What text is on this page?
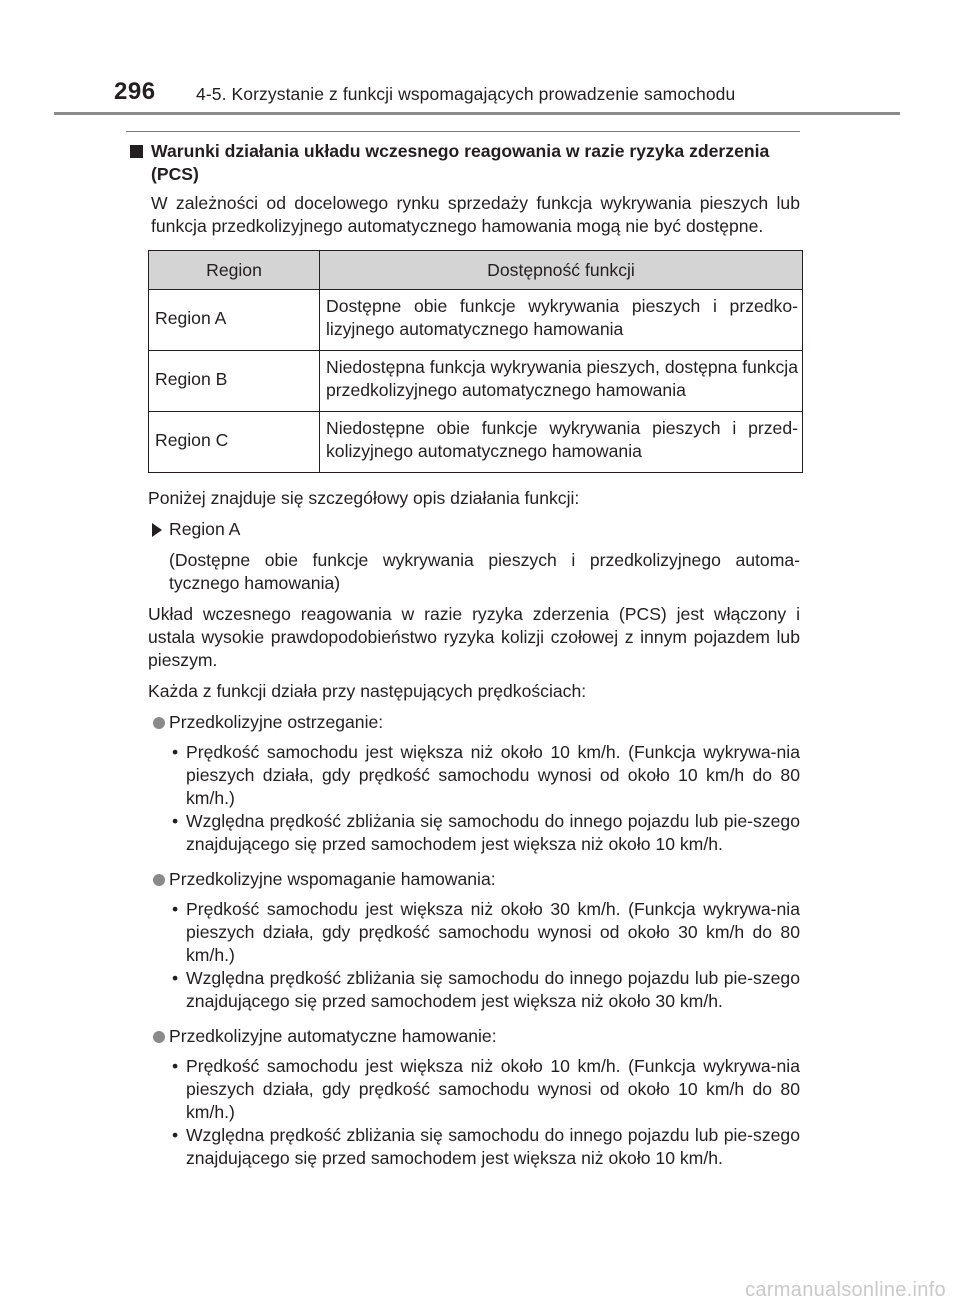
296 4-5. Korzystanie z funkcji wspomagających prowadzenie samochodu
Warunki działania układu wczesnego reagowania w razie ryzyka zderzenia
(PCS)

W zależności od docelowego rynku sprzedaży funkcja wykrywania pieszych lub funkcja przedkolizyjnego automatycznego hamowania mogą nie być dostępne.

Region	Dostępność funkcji
Region A	Dostępne obie funkcje wykrywania pieszych i przedko-lizyjnego automatycznego hamowania
Region B	Niedostępna funkcja wykrywania pieszych, dostępna funkcja przedkolizyjnego automatycznego hamowania
Region C	Niedostępne obie funkcje wykrywania pieszych i przed-kolizyjnego automatycznego hamowania

Poniżej znajduje się szczegółowy opis działania funkcji:

Region A

(Dostępne obie funkcje wykrywania pieszych i przedkolizyjnego automa-tycznego hamowania)

Układ wczesnego reagowania w razie ryzyka zderzenia (PCS) jest włączony i ustala wysokie prawdopodobieństwo ryzyka kolizji czołowej z innym pojazdem lub pieszym.

Każda z funkcji działa przy następujących prędkościach:

Przedkolizyjne ostrzeganie:
• Prędkość samochodu jest większa niż około 10 km/h. (Funkcja wykrywa-nia pieszych działa, gdy prędkość samochodu wynosi od około 10 km/h do 80 km/h.)
• Względna prędkość zbliżania się samochodu do innego pojazdu lub pie-szego znajdującego się przed samochodem jest większa niż około 10 km/h.
Przedkolizyjne wspomaganie hamowania:
• Prędkość samochodu jest większa niż około 30 km/h. (Funkcja wykrywa-nia pieszych działa, gdy prędkość samochodu wynosi od około 30 km/h do 80 km/h.)
• Względna prędkość zbliżania się samochodu do innego pojazdu lub pie-szego znajdującego się przed samochodem jest większa niż około 30 km/h.
Przedkolizyjne automatyczne hamowanie:
• Prędkość samochodu jest większa niż około 10 km/h. (Funkcja wykrywa-nia pieszych działa, gdy prędkość samochodu wynosi od około 10 km/h do 80 km/h.)
• Względna prędkość zbliżania się samochodu do innego pojazdu lub pie-szego znajdującego się przed samochodem jest większa niż około 10 km/h.
carmanualsonline.info
